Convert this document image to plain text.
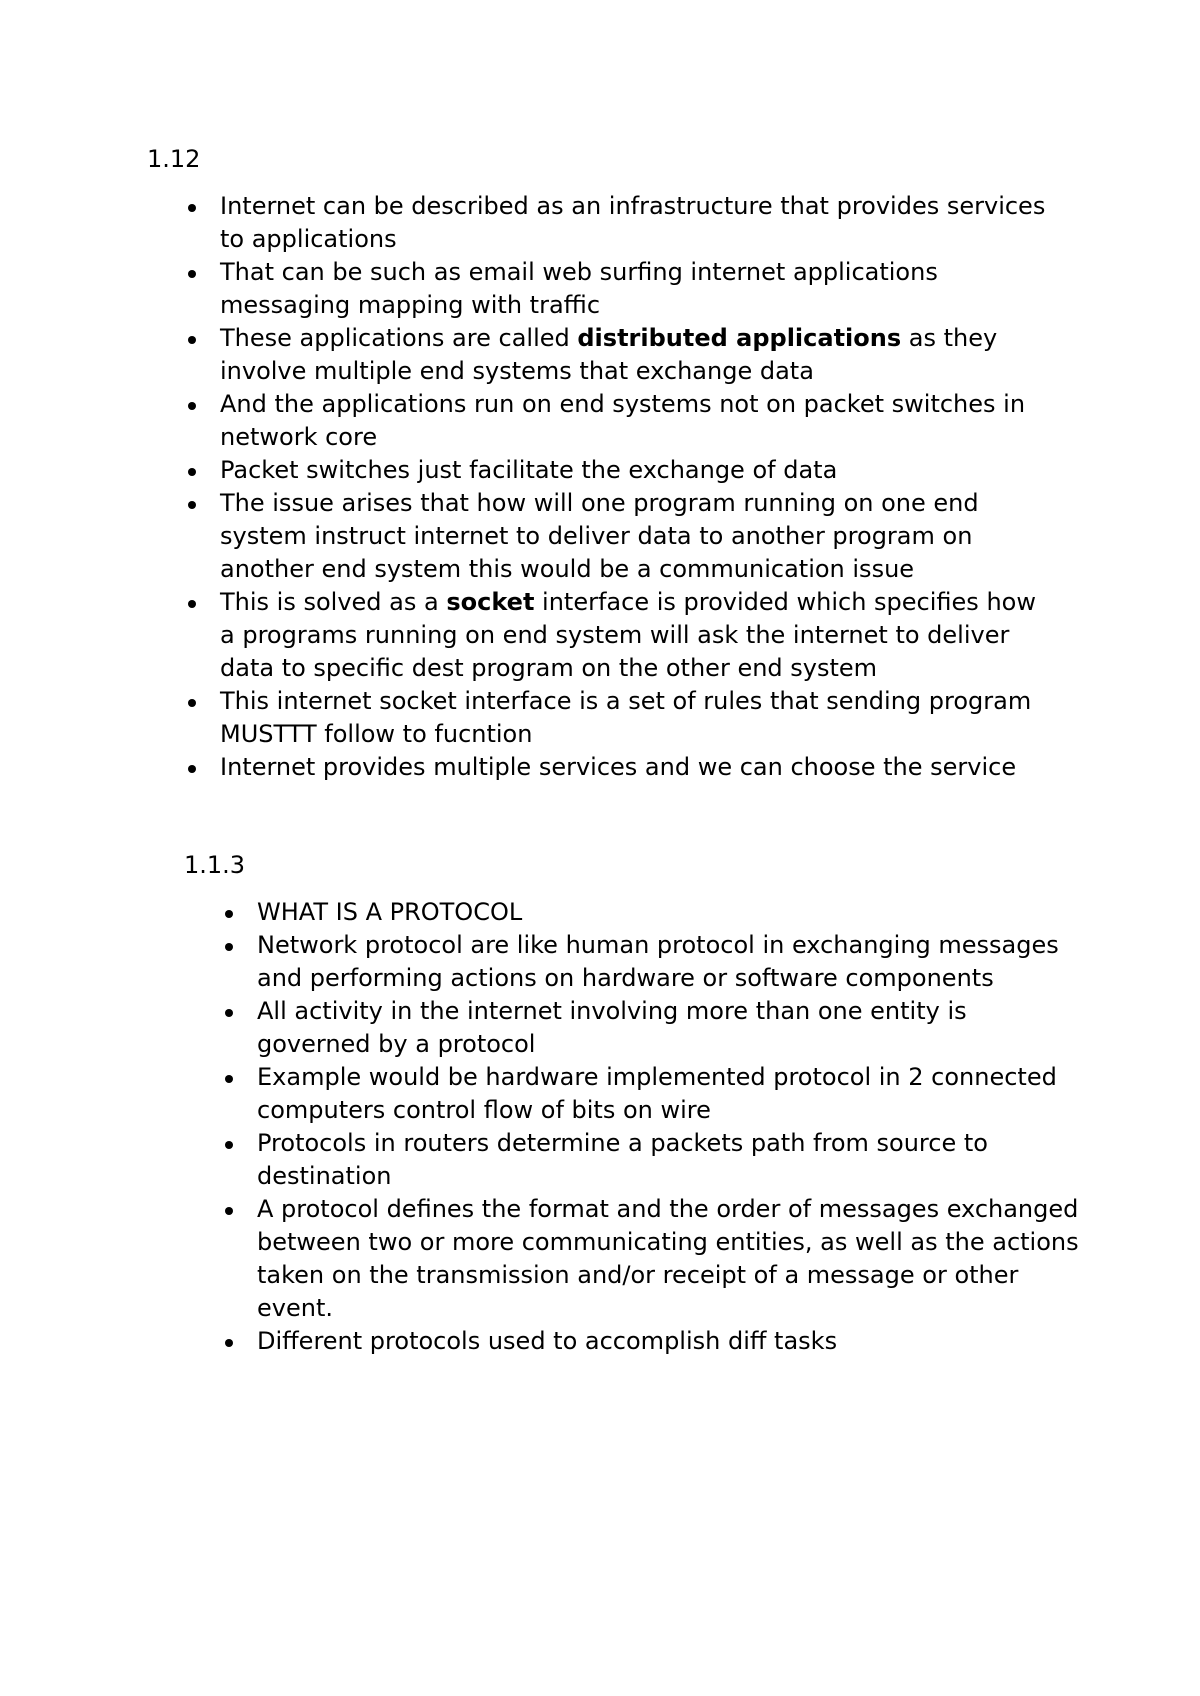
1.12
Internet can be described as an infrastructure that provides services to applications
That can be such as email web surfing internet applications messaging mapping with traffic
These applications are called distributed applications as they involve multiple end systems that exchange data
And the applications run on end systems not on packet switches in network core
Packet switches just facilitate the exchange of data
The issue arises that how will one program running on one end system instruct internet to deliver data to another program on another end system this would be a communication issue
This is solved as a socket interface is provided which specifies how a programs running on end system will ask the internet to deliver data to specific dest program on the other end system
This internet socket interface is a set of rules that sending program MUSTTT follow to fucntion
Internet provides multiple services and we can choose the service
1.1.3
WHAT IS A PROTOCOL
Network protocol are like human protocol in exchanging messages and performing actions on hardware or software components
All activity in the internet involving more than one entity is governed by a protocol
Example would be hardware implemented protocol in 2 connected computers control flow of bits on wire
Protocols in routers determine a packets path from source to destination
A protocol defines the format and the order of messages exchanged between two or more communicating entities, as well as the actions taken on the transmission and/or receipt of a message or other event.
Different protocols used to accomplish diff tasks
